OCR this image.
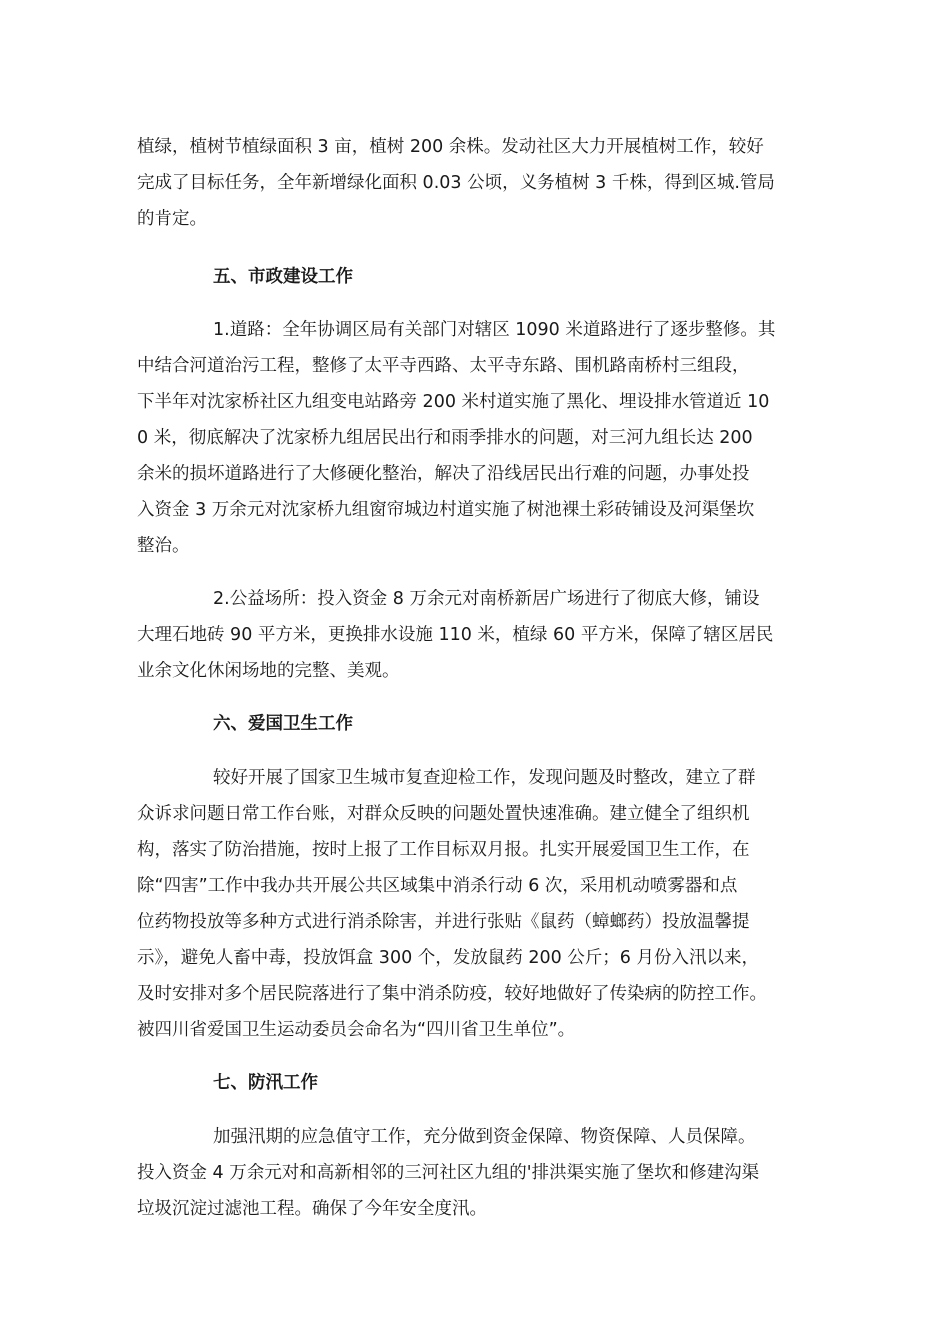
植绿，植树节植绿面积 3 亩，植树 200 余株。发动社区大力开展植树工作，较好
完成了目标任务，全年新增绿化面积 0.03 公顷，义务植树 3 千株，得到区城.管局
的肯定。
五、市政建设工作
1.道路：全年协调区局有关部门对辖区 1090 米道路进行了逐步整修。其
中结合河道治污工程，整修了太平寺西路、太平寺东路、围机路南桥村三组段，
下半年对沈家桥社区九组变电站路旁 200 米村道实施了黑化、埋设排水管道近 10
0 米，彻底解决了沈家桥九组居民出行和雨季排水的问题，对三河九组长达 200
余米的损坏道路进行了大修硬化整治，解决了沿线居民出行难的问题，办事处投
入资金 3 万余元对沈家桥九组窗帘城边村道实施了树池裸土彩砖铺设及河渠堡坎
整治。
2.公益场所：投入资金 8 万余元对南桥新居广场进行了彻底大修，铺设
大理石地砖 90 平方米，更换排水设施 110 米，植绿 60 平方米，保障了辖区居民
业余文化休闲场地的完整、美观。
六、爱国卫生工作
较好开展了国家卫生城市复查迎检工作，发现问题及时整改，建立了群
众诉求问题日常工作台账，对群众反映的问题处置快速准确。建立健全了组织机
构，落实了防治措施，按时上报了工作目标双月报。扎实开展爱国卫生工作，在
除“四害”工作中我办共开展公共区域集中消杀行动 6 次，采用机动喷雾器和点
位药物投放等多种方式进行消杀除害，并进行张贴《鼠药（蟑螂药）投放温馨提
示》，避免人畜中毒，投放饵盒 300 个，发放鼠药 200 公斤；6 月份入汛以来，
及时安排对多个居民院落进行了集中消杀防疫，较好地做好了传染病的防控工作。
被四川省爱国卫生运动委员会命名为“四川省卫生单位”。
七、防汛工作
加强汛期的应急值守工作，充分做到资金保障、物资保障、人员保障。
投入资金 4 万余元对和高新相邻的三河社区九组的'排洪渠实施了堡坎和修建沟渠
垃圾沉淀过滤池工程。确保了今年安全度汛。
